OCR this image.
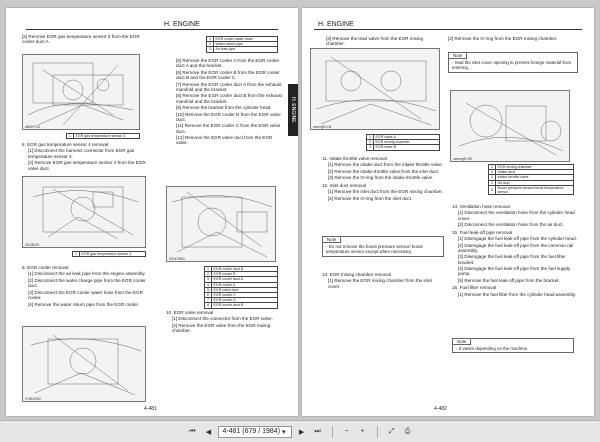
H. ENGINE
H. ENGINE

[2] Remove EGR gas temperature sensor 3 from the EGR cooler duct A.

ABMVTS4
1	EGR gas temperature sensor 3
1	EGR cooler water hose
2	Water return pipe
3	Air leak pipe

[5] Remove the EGR cooler A from the EGR cooler duct A and the bracket.

[6] Remove the EGR cooler B from the EGR cooler duct B and the EGR cooler C.

[7] Remove the EGR cooler duct A from the exhaust manifold and the bracket.

[8] Remove the EGR cooler duct B from the exhaust manifold and the bracket.

[9] Remove the bracket from the cylinder head.

[10] Remove the EGR cooler D from the EGR valve duct.

[11] Remove the EGR cooler C from the EGR valve duct.

[12] Remove the EGR valve duct from the EGR valve.

8. EGR gas temperature sensor 4 removal

[1] Disconnect the harness connector from EGR gas temperature sensor 4.

[2] Remove EGR gas temperature sensor 4 from the EGR valve duct.

SXC803G
1	EGR gas temperature sensor 4
SXHC9081
1	EGR cooler duct B
2	EGR cooler B
3	EGR cooler duct A
4	EGR cooler A
5	EGR valve duct
6	EGR cooler C
7	EGR cooler D
8	EGR cooler duct B

9. EGR cooler removal

[1] Disconnect the air leak pipe from the engine assembly.

[2] Disconnect the water charge pipe from the EGR cooler duct.

[3] Disconnect the EGR cooler water hose from the EGR cooler.

[4] Remove the water return pipe from the EGR cooler.

XT8KC9SC

10. EGR valve removal

[1] Disconnect the connector from the EGR valve.

[2] Remove the EGR valve from the EGR mixing chamber.

4-481
H. ENGINE

[3] Remove the lead valve from the EGR mixing chamber.

[2] Remove the O-ring from the EGR mixing chamber.

Note
- Seal the inlet cover opening to prevent foreign material from entering.
mnnegEr-1B
1	EGR valve A
2	EGR mixing chamber
3	EGR valve B
mmnegEr-HS
1	EGR mixing chamber
2	Intake duct
3	Intake throttle valve
4	Air duct
5	Boost pressure sensor/boost temperature sensor

11. Intake throttle valve removal

[1] Remove the intake duct from the intake throttle valve.

[2] Remove the intake throttle valve from the inlet duct.

[3] Remove the O-ring from the intake throttle valve.

12. Inlet duct removal

[1] Remove the inlet duct from the EGR mixing chamber.

[2] Remove the O-ring from the inlet duct.

Note
- Do not remove the boost pressure sensor/ boost temperature sensor except when necessary.

13. EGR mixing chamber removal

[1] Remove the EGR mixing chamber from the inlet cover.

14. Ventilation hose removal

[1] Disconnect the ventilation hose from the cylinder head cover.

[2] Disconnect the ventilation hose from the air duct.

15. Fuel leak-off pipe removal

[1] Disengage the fuel leak-off pipe from the cylinder head.

[2] Disengage the fuel leak-off pipe from the common rail assembly.

[3] Disengage the fuel leak-off pipe from the fuel filter bracket.

[4] Disengage the fuel leak-off pipe from the fuel supply pump.

[5] Remove the fuel leak-off pipe from the bracket.

16. Fuel filter removal

[1] Remove the fuel filter from the cylinder head assembly.

Note
- It varies depending on the machine.
4-482
⏮	◀	4-481 (679 / 1984) ▾	▶	⏭	−	+	⤢	⎙
